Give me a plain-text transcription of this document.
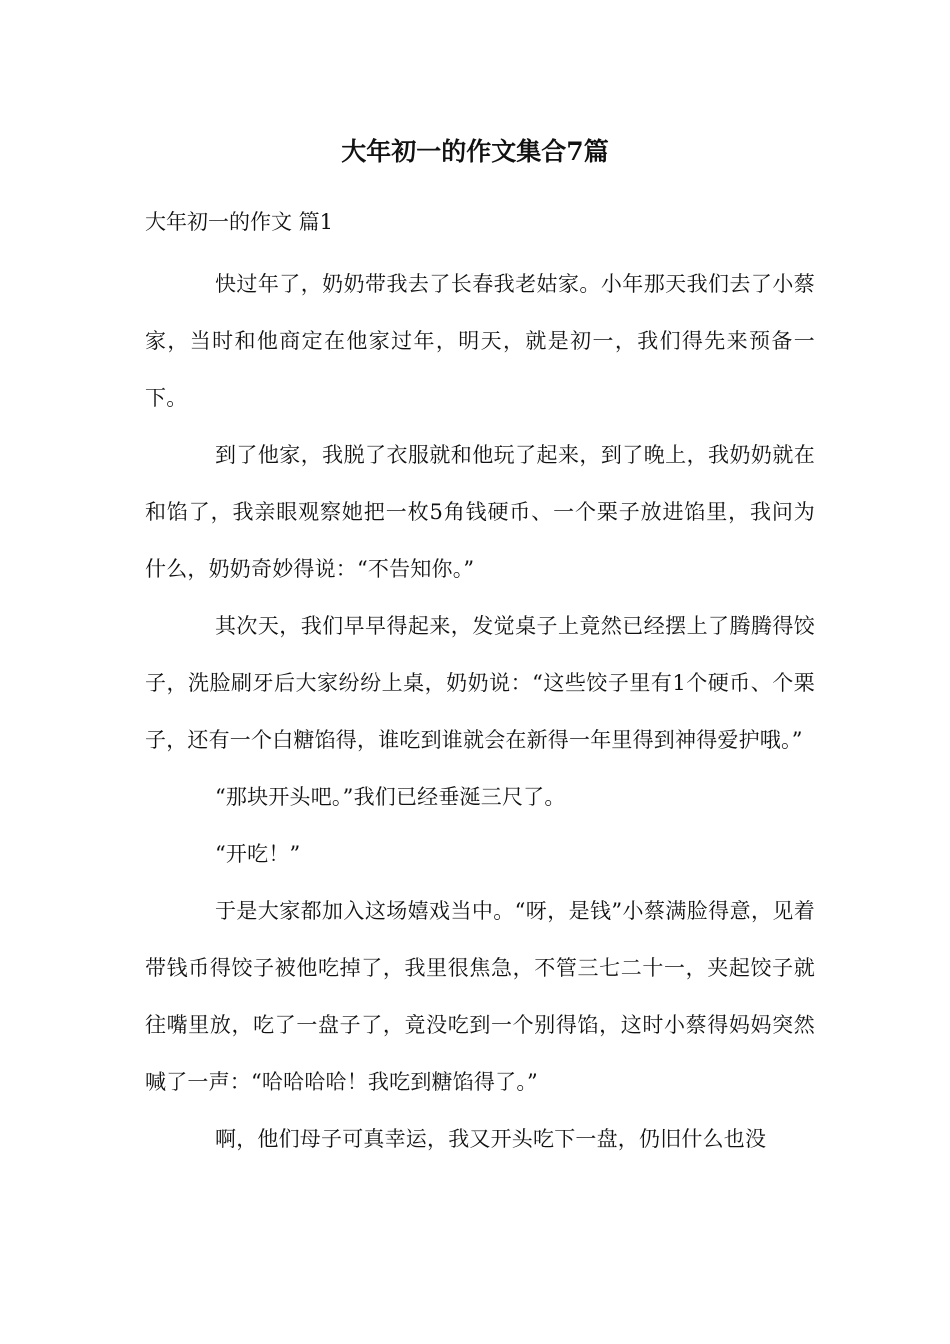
大年初一的作文集合7篇
大年初一的作文 篇1

快过年了，奶奶带我去了长春我老姑家。小年那天我们去了小蔡家，当时和他商定在他家过年，明天，就是初一，我们得先来预备一下。

到了他家，我脱了衣服就和他玩了起来，到了晚上，我奶奶就在和馅了，我亲眼观察她把一枚5角钱硬币、一个栗子放进馅里，我问为什么，奶奶奇妙得说：“不告知你。”

其次天，我们早早得起来，发觉桌子上竟然已经摆上了腾腾得饺子，洗脸刷牙后大家纷纷上桌，奶奶说：“这些饺子里有1个硬币、个栗子，还有一个白糖馅得，谁吃到谁就会在新得一年里得到神得爱护哦。”

“那块开头吧。”我们已经垂涎三尺了。

“开吃！”

于是大家都加入这场嬉戏当中。“呀，是钱”小蔡满脸得意，见着带钱币得饺子被他吃掉了，我里很焦急，不管三七二十一，夹起饺子就往嘴里放，吃了一盘子了，竟没吃到一个别得馅，这时小蔡得妈妈突然喊了一声：“哈哈哈哈！我吃到糖馅得了。”

啊，他们母子可真幸运，我又开头吃下一盘，仍旧什么也没
